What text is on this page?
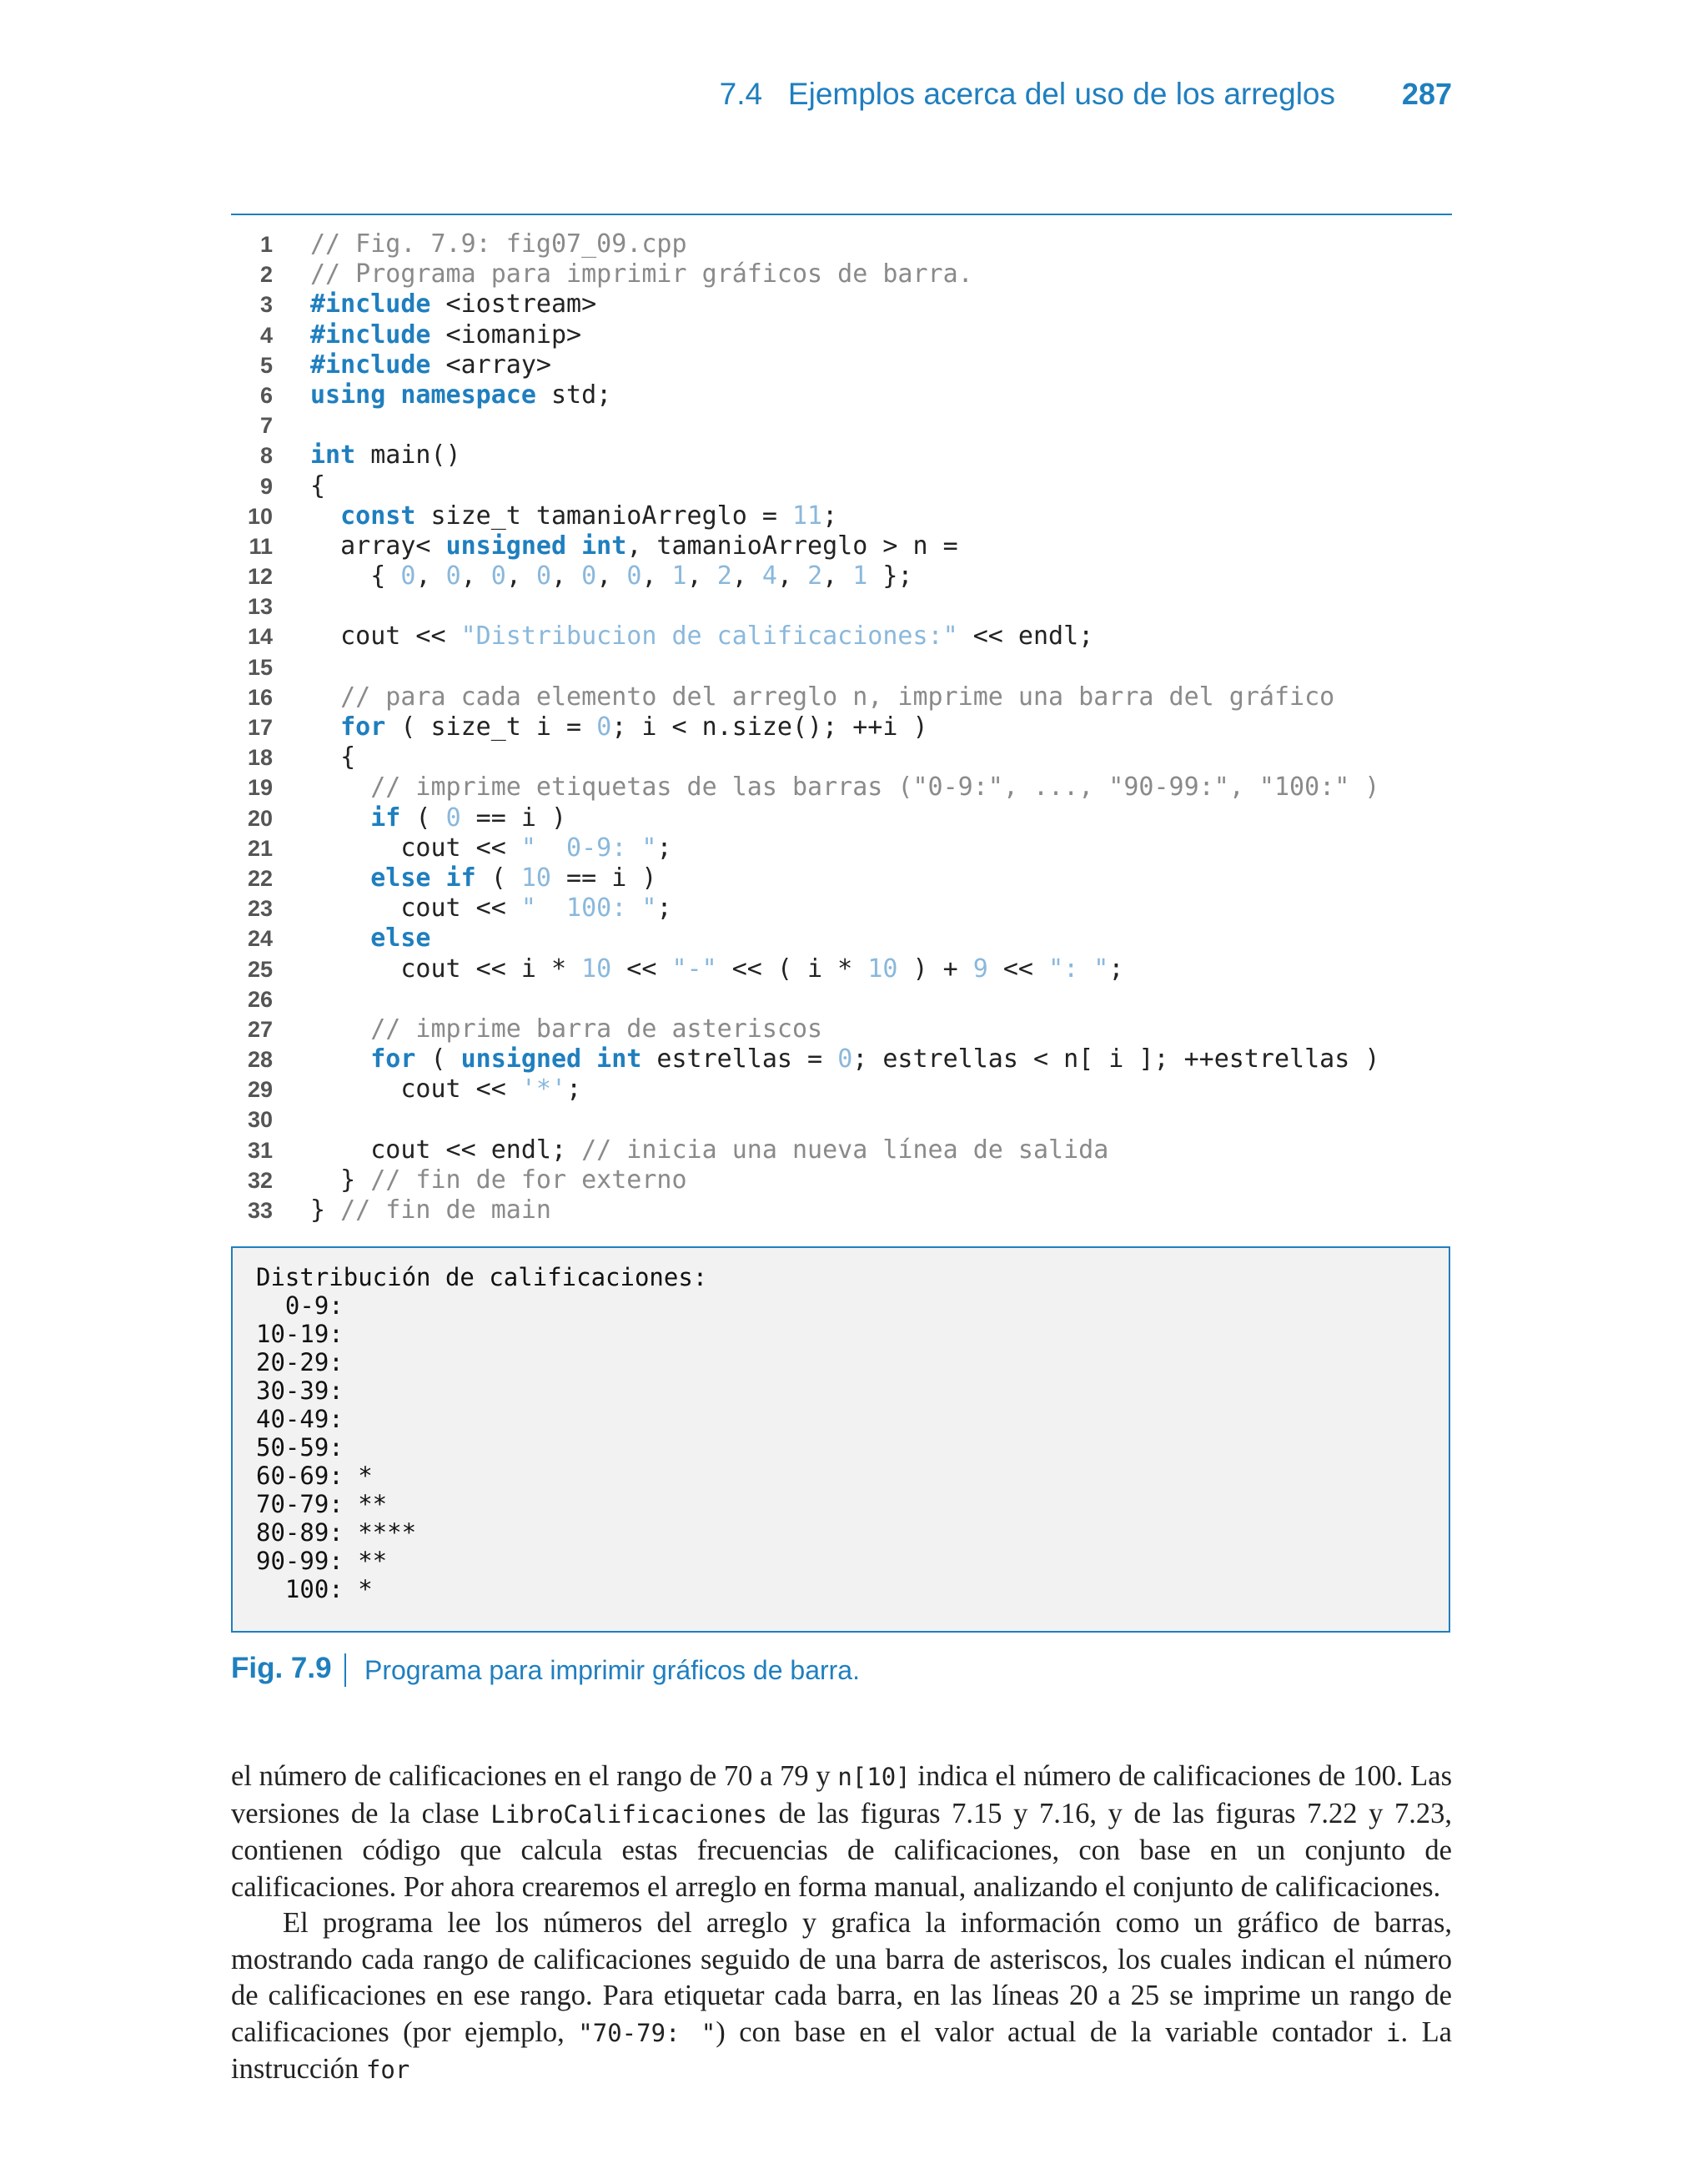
7.4   Ejemplos acerca del uso de los arreglos 287
1 // Fig. 7.9: fig07_09.cpp
2 // Programa para imprimir gráficos de barra.
3 #include <iostream>
4 #include <iomanip>
5 #include <array>
6 using namespace std;
7
8 int main()
9 {
10	const size_t tamanioArreglo = 11;
11	array< unsigned int, tamanioArreglo > n =
12	{ 0, 0, 0, 0, 0, 0, 1, 2, 4, 2, 1 };
13
14	cout << "Distribucion de calificaciones:" << endl;
15
16	// para cada elemento del arreglo n, imprime una barra del gráfico
17	for ( size_t i = 0; i < n.size(); ++i )
18	{
19	// imprime etiquetas de las barras ("0-9:", ..., "90-99:", "100:" )
20	if ( 0 == i )
21	cout << "  0-9: ";
22	else if ( 10 == i )
23	cout << "  100: ";
24	else
25	cout << i * 10 << "-" << ( i * 10 ) + 9 << ": ";
26
27	// imprime barra de asteriscos
28	for ( unsigned int estrellas = 0; estrellas < n[ i ]; ++estrellas )
29	cout << '*';
30
31	cout << endl; // inicia una nueva línea de salida
32	} // fin de for externo
33 } // fin de main
Distribución de calificaciones:
0-9:
10-19:
20-29:
30-39:
40-49:
50-59:
60-69: *
70-79: **
80-89: ****
90-99: **
100: *
Fig. 7.9 Programa para imprimir gráficos de barra.

el número de calificaciones en el rango de 70 a 79 y n[10] indica el número de calificaciones de 100. Las versiones de la clase LibroCalificaciones de las figuras 7.15 y 7.16, y de las figuras 7.22 y 7.23, contienen código que calcula estas frecuencias de calificaciones, con base en un conjunto de calificaciones. Por ahora crearemos el arreglo en forma manual, analizando el conjunto de calificaciones.

El programa lee los números del arreglo y grafica la información como un gráfico de barras, mostrando cada rango de calificaciones seguido de una barra de asteriscos, los cuales indican el número de calificaciones en ese rango. Para etiquetar cada barra, en las líneas 20 a 25 se imprime un rango de calificaciones (por ejemplo, "70-79: ") con base en el valor actual de la variable contador i. La instrucción for
